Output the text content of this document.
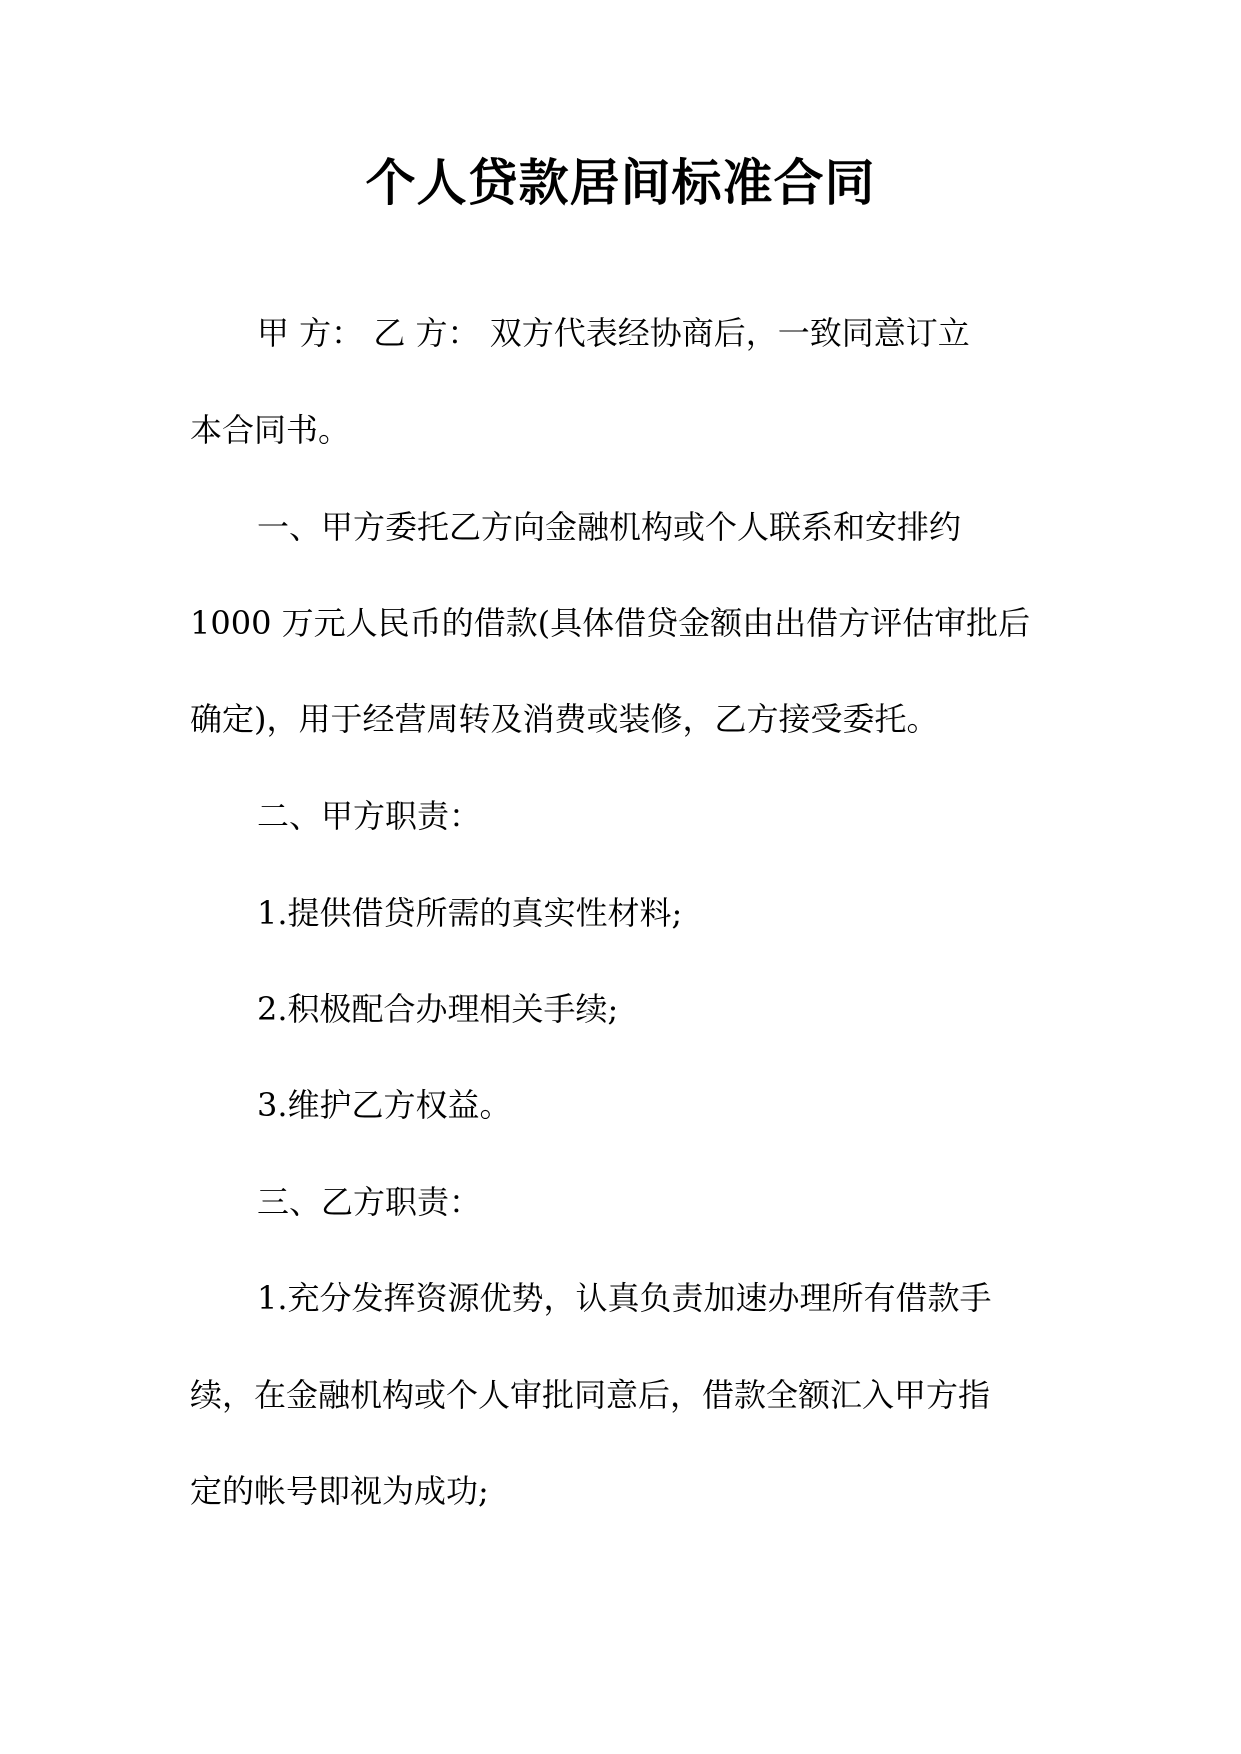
个人贷款居间标准合同
甲 方： 乙 方： 双方代表经协商后，一致同意订立
本合同书。
一、甲方委托乙方向金融机构或个人联系和安排约
1000 万元人民币的借款(具体借贷金额由出借方评估审批后
确定)，用于经营周转及消费或装修，乙方接受委托。
二、甲方职责：
1.提供借贷所需的真实性材料;
2.积极配合办理相关手续;
3.维护乙方权益。
三、乙方职责：
1.充分发挥资源优势，认真负责加速办理所有借款手
续，在金融机构或个人审批同意后，借款全额汇入甲方指
定的帐号即视为成功;
